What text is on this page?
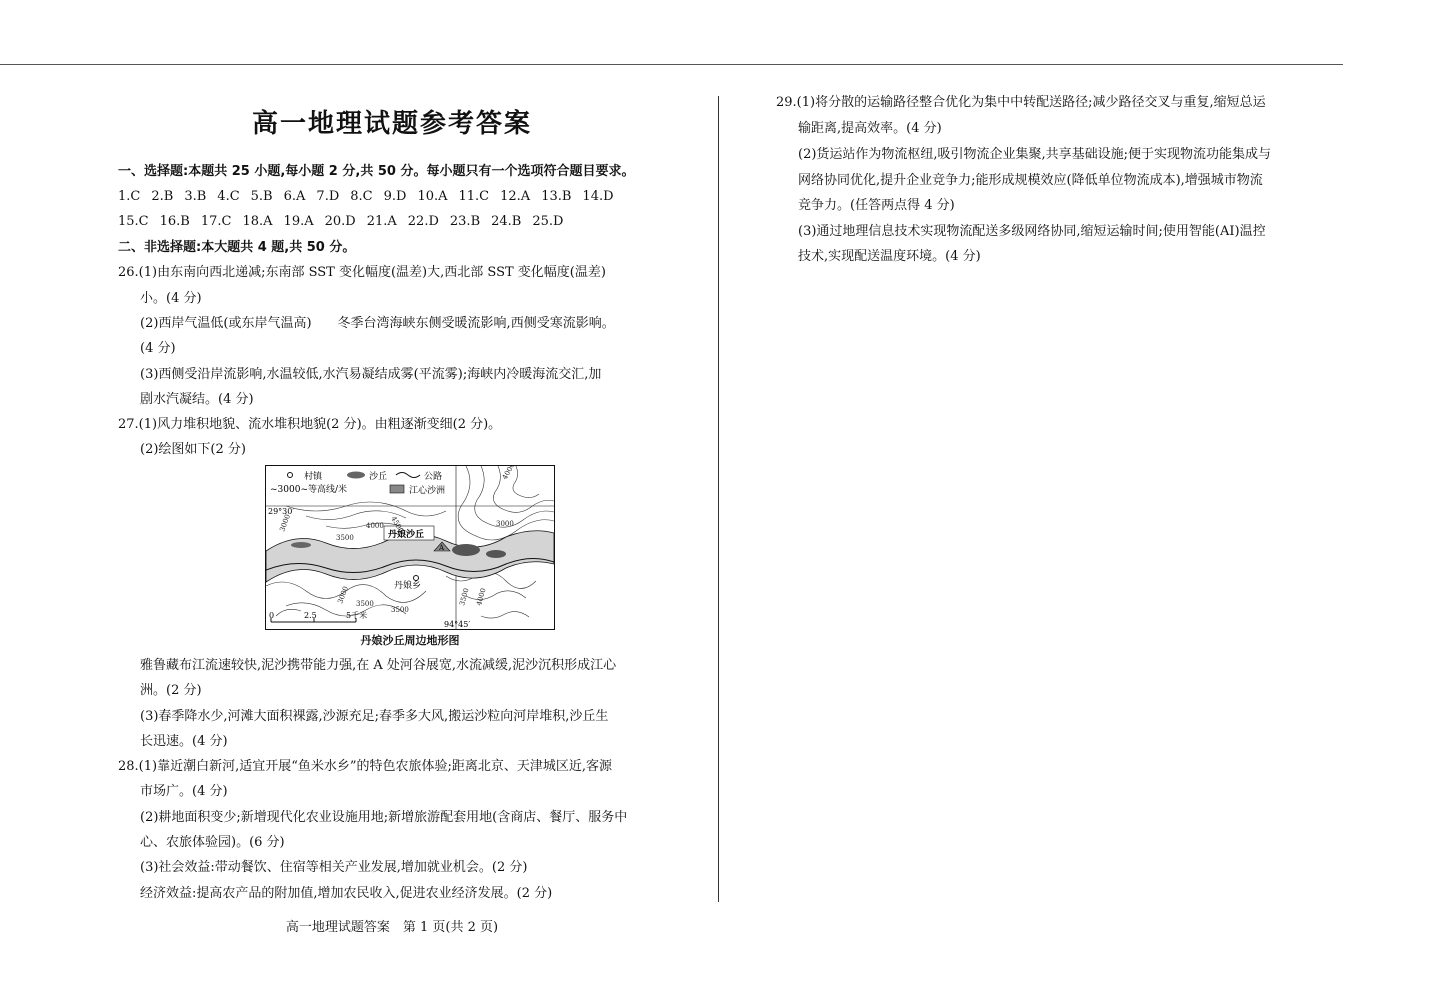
高一地理试题参考答案
一、选择题:本题共 25 小题,每小题 2 分,共 50 分。每小题只有一个选项符合题目要求。
1.C 2.B 3.B 4.C 5.B 6.A 7.D 8.C 9.D 10.A 11.C 12.A 13.B 14.D
15.C 16.B 17.C 18.A 19.A 20.D 21.A 22.D 23.B 24.B 25.D
二、非选择题:本大题共 4 题,共 50 分。
26.(1)由东南向西北递减;东南部 SST 变化幅度(温差)大,西北部 SST 变化幅度(温差)
小。(4 分)
(2)西岸气温低(或东岸气温高)　　冬季台湾海峡东侧受暖流影响,西侧受寒流影响。
(4 分)
(3)西侧受沿岸流影响,水温较低,水汽易凝结成雾(平流雾);海峡内冷暖海流交汇,加
剧水汽凝结。(4 分)
27.(1)风力堆积地貌、流水堆积地貌(2 分)。由粗逐渐变细(2 分)。
(2)绘图如下(2 分)
村镇	沙丘	公路
~3000~等高线/米	江心沙洲
29°30′
A
丹娘沙丘
丹娘乡
4000
3000	4000
3500
4500	3000
3500
3000
3500
4000
3500
0	2.5	5千米
94°45′
丹娘沙丘周边地形图
雅鲁藏布江流速较快,泥沙携带能力强,在 A 处河谷展宽,水流减缓,泥沙沉积形成江心
洲。(2 分)
(3)春季降水少,河滩大面积裸露,沙源充足;春季多大风,搬运沙粒向河岸堆积,沙丘生
长迅速。(4 分)
28.(1)靠近潮白新河,适宜开展“鱼米水乡”的特色农旅体验;距离北京、天津城区近,客源
市场广。(4 分)
(2)耕地面积变少;新增现代化农业设施用地;新增旅游配套用地(含商店、餐厅、服务中
心、农旅体验园)。(6 分)
(3)社会效益:带动餐饮、住宿等相关产业发展,增加就业机会。(2 分)
经济效益:提高农产品的附加值,增加农民收入,促进农业经济发展。(2 分)
29.(1)将分散的运输路径整合优化为集中中转配送路径;减少路径交叉与重复,缩短总运
输距离,提高效率。(4 分)
(2)货运站作为物流枢纽,吸引物流企业集聚,共享基础设施;便于实现物流功能集成与
网络协同优化,提升企业竞争力;能形成规模效应(降低单位物流成本),增强城市物流
竞争力。(任答两点得 4 分)
(3)通过地理信息技术实现物流配送多级网络协同,缩短运输时间;使用智能(AI)温控
技术,实现配送温度环境。(4 分)
高一地理试题答案　第 1 页(共 2 页)
